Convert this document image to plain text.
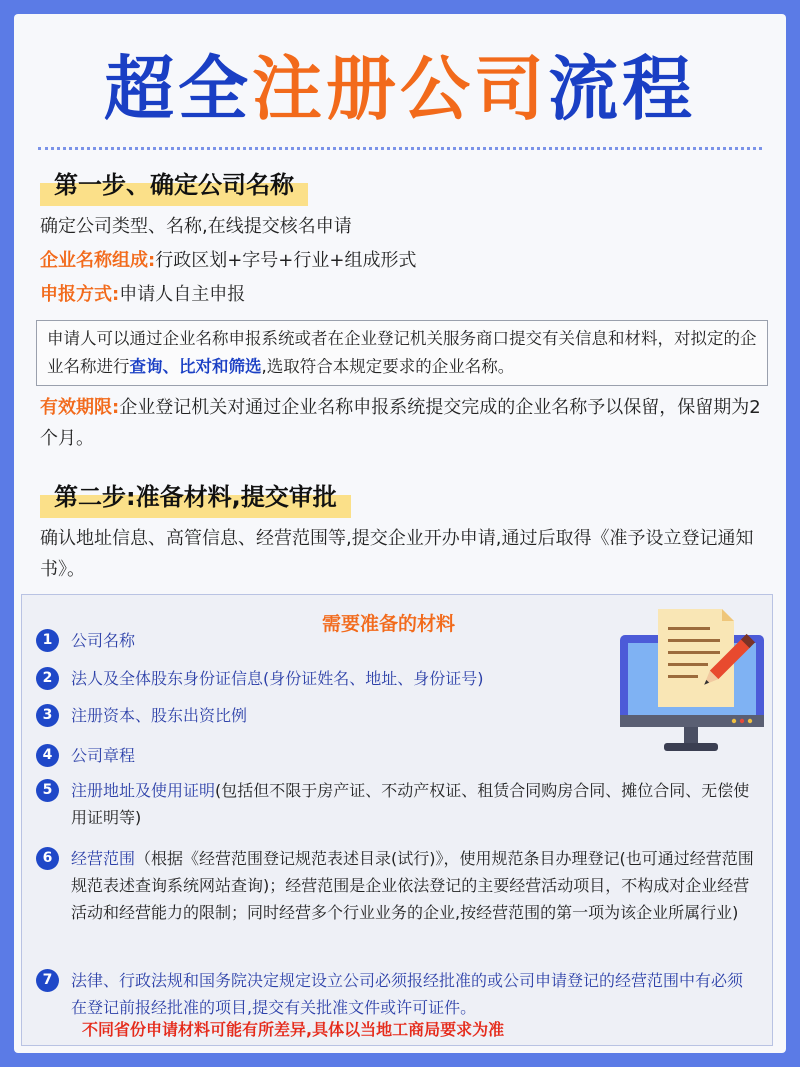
超全注册公司流程
第一步、确定公司名称
确定公司类型、名称,在线提交核名申请
企业名称组成:行政区划+字号+行业+组成形式
申报方式:申请人自主申报

申请人可以通过企业名称申报系统或者在企业登记机关服务商口提交有关信息和材料，对拟定的企业名称进行查询、比对和筛选,选取符合本规定要求的企业名称。

有效期限:企业登记机关对通过企业名称申报系统提交完成的企业名称予以保留，保留期为2个月。
第二步:准备材料,提交审批
确认地址信息、高管信息、经营范围等,提交企业开办申请,通过后取得《准予设立登记通知书》。
需要准备的材料
1	公司名称
2	法人及全体股东身份证信息(身份证姓名、地址、身份证号)
3	注册资本、股东出资比例
4	公司章程
5	注册地址及使用证明(包括但不限于房产证、不动产权证、租赁合同购房合同、摊位合同、无偿使用证明等)
6	经营范围（根据《经营范围登记规范表述目录(试行)》，使用规范条目办理登记(也可通过经营范围规范表述查询系统网站查询)；经营范围是企业依法登记的主要经营活动项目，不构成对企业经营活动和经营能力的限制；同时经营多个行业业务的企业,按经营范围的第一项为该企业所属行业)
7	法律、行政法规和国务院决定规定设立公司必须报经批准的或公司申请登记的经营范围中有必须在登记前报经批准的项目,提交有关批准文件或许可证件。
不同省份申请材料可能有所差异,具体以当地工商局要求为准
